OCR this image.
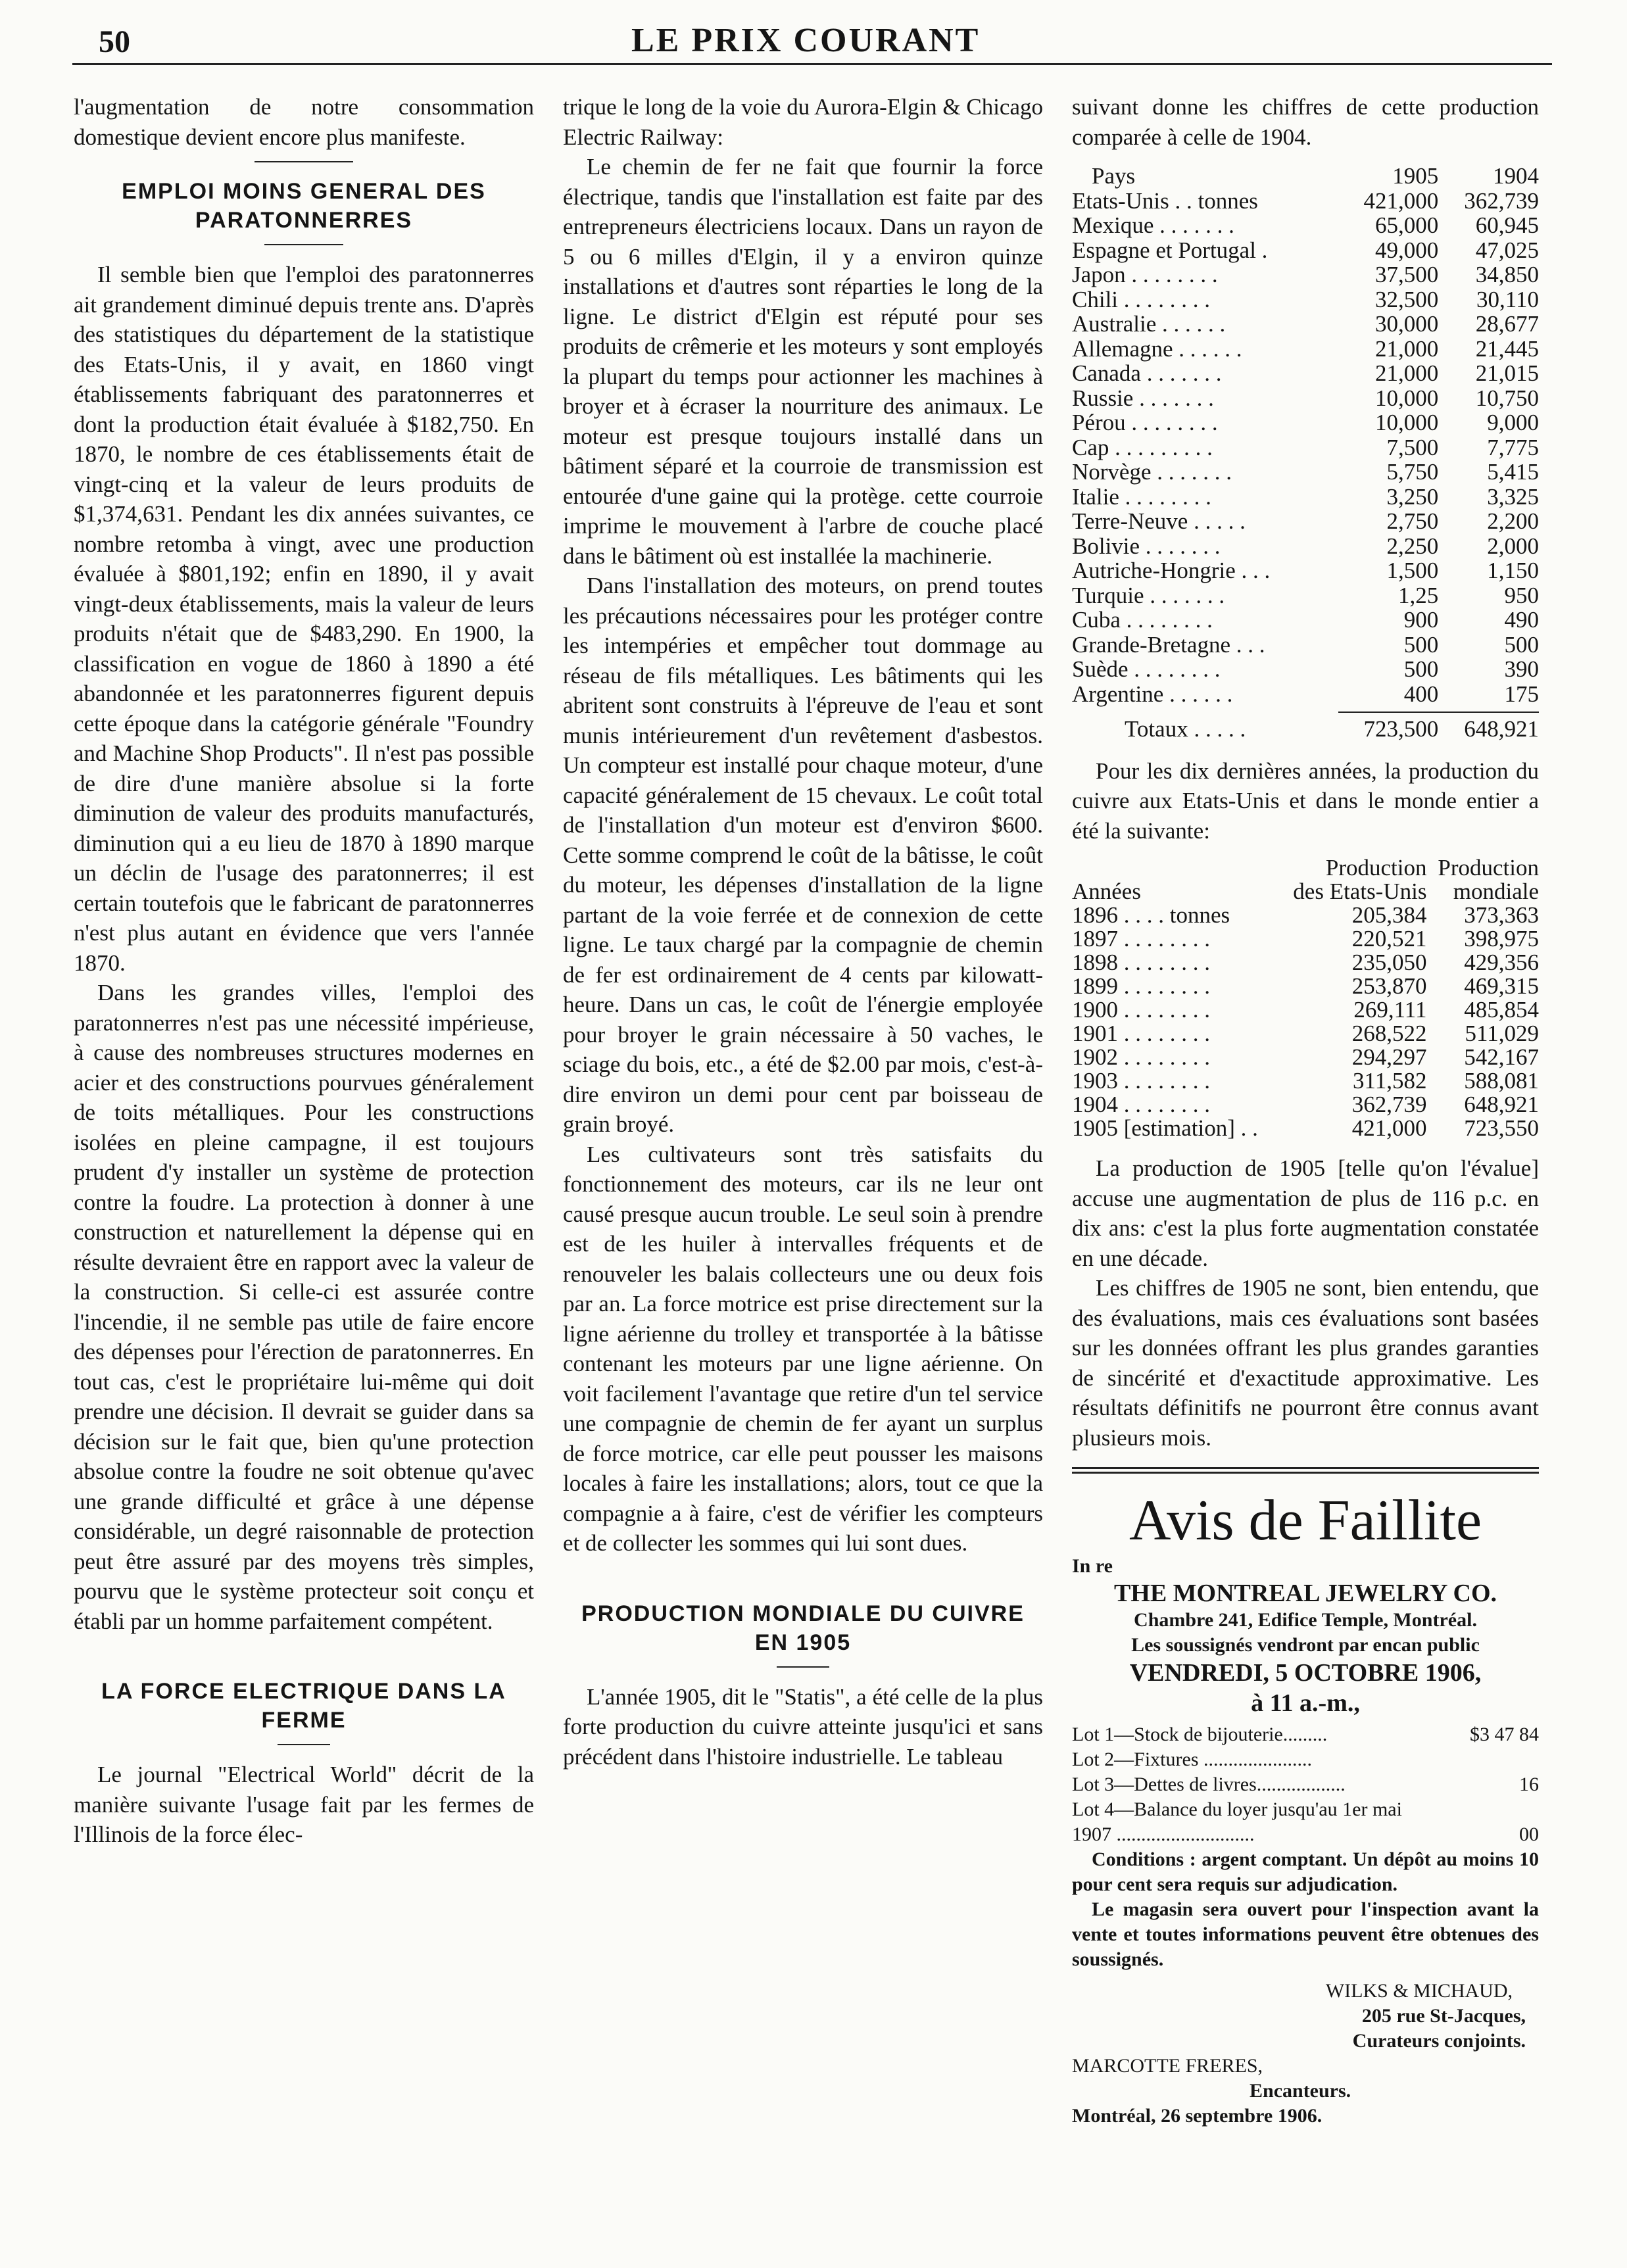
50	LE PRIX COURANT

l'augmentation de notre consommation domestique devient encore plus manifeste.

EMPLOI MOINS GENERAL DES PARATONNERRES

Il semble bien que l'emploi des paratonnerres ait grandement diminué depuis trente ans. D'après des statistiques du département de la statistique des Etats-Unis, il y avait, en 1860 vingt établissements fabriquant des paratonnerres et dont la production était évaluée à $182,750. En 1870, le nombre de ces établissements était de vingt-cinq et la valeur de leurs produits de $1,374,631. Pendant les dix années suivantes, ce nombre retomba à vingt, avec une production évaluée à $801,192; enfin en 1890, il y avait vingt-deux établissements, mais la valeur de leurs produits n'était que de $483,290. En 1900, la classification en vogue de 1860 à 1890 a été abandonnée et les paratonnerres figurent depuis cette époque dans la catégorie générale "Foundry and Machine Shop Products". Il n'est pas possible de dire d'une manière absolue si la forte diminution de valeur des produits manufacturés, diminution qui a eu lieu de 1870 à 1890 marque un déclin de l'usage des paratonnerres; il est certain toutefois que le fabricant de paratonnerres n'est plus autant en évidence que vers l'année 1870.

Dans les grandes villes, l'emploi des paratonnerres n'est pas une nécessité impérieuse, à cause des nombreuses structures modernes en acier et des constructions pourvues généralement de toits métalliques. Pour les constructions isolées en pleine campagne, il est toujours prudent d'y installer un système de protection contre la foudre. La protection à donner à une construction et naturellement la dépense qui en résulte devraient être en rapport avec la valeur de la construction. Si celle-ci est assurée contre l'incendie, il ne semble pas utile de faire encore des dépenses pour l'érection de paratonnerres. En tout cas, c'est le propriétaire lui-même qui doit prendre une décision. Il devrait se guider dans sa décision sur le fait que, bien qu'une protection absolue contre la foudre ne soit obtenue qu'avec une grande difficulté et grâce à une dépense considérable, un degré raisonnable de protection peut être assuré par des moyens très simples, pourvu que le système protecteur soit conçu et établi par un homme parfaitement compétent.

LA FORCE ELECTRIQUE DANS LA FERME

Le journal "Electrical World" décrit de la manière suivante l'usage fait par les fermes de l'Illinois de la force élec-

trique le long de la voie du Aurora-Elgin & Chicago Electric Railway:

Le chemin de fer ne fait que fournir la force électrique, tandis que l'installation est faite par des entrepreneurs électriciens locaux. Dans un rayon de 5 ou 6 milles d'Elgin, il y a environ quinze installations et d'autres sont réparties le long de la ligne. Le district d'Elgin est réputé pour ses produits de crêmerie et les moteurs y sont employés la plupart du temps pour actionner les machines à broyer et à écraser la nourriture des animaux. Le moteur est presque toujours installé dans un bâtiment séparé et la courroie de transmission est entourée d'une gaine qui la protège. cette courroie imprime le mouvement à l'arbre de couche placé dans le bâtiment où est installée la machinerie.

Dans l'installation des moteurs, on prend toutes les précautions nécessaires pour les protéger contre les intempéries et empêcher tout dommage au réseau de fils métalliques. Les bâtiments qui les abritent sont construits à l'épreuve de l'eau et sont munis intérieurement d'un revêtement d'asbestos. Un compteur est installé pour chaque moteur, d'une capacité généralement de 15 chevaux. Le coût total de l'installation d'un moteur est d'environ $600. Cette somme comprend le coût de la bâtisse, le coût du moteur, les dépenses d'installation de la ligne partant de la voie ferrée et de connexion de cette ligne. Le taux chargé par la compagnie de chemin de fer est ordinairement de 4 cents par kilowatt-heure. Dans un cas, le coût de l'énergie employée pour broyer le grain nécessaire à 50 vaches, le sciage du bois, etc., a été de $2.00 par mois, c'est-à-dire environ un demi pour cent par boisseau de grain broyé.

Les cultivateurs sont très satisfaits du fonctionnement des moteurs, car ils ne leur ont causé presque aucun trouble. Le seul soin à prendre est de les huiler à intervalles fréquents et de renouveler les balais collecteurs une ou deux fois par an. La force motrice est prise directement sur la ligne aérienne du trolley et transportée à la bâtisse contenant les moteurs par une ligne aérienne. On voit facilement l'avantage que retire d'un tel service une compagnie de chemin de fer ayant un surplus de force motrice, car elle peut pousser les maisons locales à faire les installations; alors, tout ce que la compagnie a à faire, c'est de vérifier les compteurs et de collecter les sommes qui lui sont dues.

PRODUCTION MONDIALE DU CUIVRE EN 1905

L'année 1905, dit le "Statis", a été celle de la plus forte production du cuivre atteinte jusqu'ici et sans précédent dans l'histoire industrielle. Le tableau

suivant donne les chiffres de cette production comparée à celle de 1904.

Pays	1905	1904
Etats-Unis . . tonnes	421,000	362,739
Mexique . . . . . . .	65,000	60,945
Espagne et Portugal .	49,000	47,025
Japon . . . . . . . .	37,500	34,850
Chili . . . . . . . .	32,500	30,110
Australie . . . . . .	30,000	28,677
Allemagne . . . . . .	21,000	21,445
Canada . . . . . . .	21,000	21,015
Russie . . . . . . .	10,000	10,750
Pérou . . . . . . . .	10,000	9,000
Cap . . . . . . . . .	7,500	7,775
Norvège . . . . . . .	5,750	5,415
Italie . . . . . . . .	3,250	3,325
Terre-Neuve . . . . .	2,750	2,200
Bolivie . . . . . . .	2,250	2,000
Autriche-Hongrie . . .	1,500	1,150
Turquie . . . . . . .	1,25	950
Cuba . . . . . . . .	900	490
Grande-Bretagne . . .	500	500
Suède . . . . . . . .	500	390
Argentine . . . . . .	400	175

Totaux . . . . .	723,500	648,921

Pour les dix dernières années, la production du cuivre aux Etats-Unis et dans le monde entier a été la suivante:

	Production	Production
Années	des Etats-Unis	mondiale
1896 . . . . tonnes	205,384	373,363
1897 . . . . . . . .	220,521	398,975
1898 . . . . . . . .	235,050	429,356
1899 . . . . . . . .	253,870	469,315
1900 . . . . . . . .	269,111	485,854
1901 . . . . . . . .	268,522	511,029
1902 . . . . . . . .	294,297	542,167
1903 . . . . . . . .	311,582	588,081
1904 . . . . . . . .	362,739	648,921
1905 [estimation] . .	421,000	723,550

La production de 1905 [telle qu'on l'évalue] accuse une augmentation de plus de 116 p.c. en dix ans: c'est la plus forte augmentation constatée en une décade.

Les chiffres de 1905 ne sont, bien entendu, que des évaluations, mais ces évaluations sont basées sur les données offrant les plus grandes garanties de sincérité et d'exactitude approximative. Les résultats définitifs ne pourront être connus avant plusieurs mois.

Avis de Faillite
In re
THE MONTREAL JEWELRY CO.
Chambre 241, Edifice Temple, Montréal.
Les soussignés vendront par encan public
VENDREDI, 5 OCTOBRE 1906,
à 11 a.-m.,
Lot 1—Stock de bijouterie.........	$3 47 84
Lot 2—Fixtures ......................	
Lot 3—Dettes de livres..................	16
Lot 4—Balance du loyer jusqu'au 1er mai	
1907 ............................	00
Conditions : argent comptant. Un dépôt au moins 10 pour cent sera requis sur adjudication.
Le magasin sera ouvert pour l'inspection avant la vente et toutes informations peuvent être obtenues des soussignés.
WILKS & MICHAUD,
205 rue St-Jacques,
Curateurs conjoints.
MARCOTTE FRERES,
Encanteurs.
Montréal, 26 septembre 1906.
